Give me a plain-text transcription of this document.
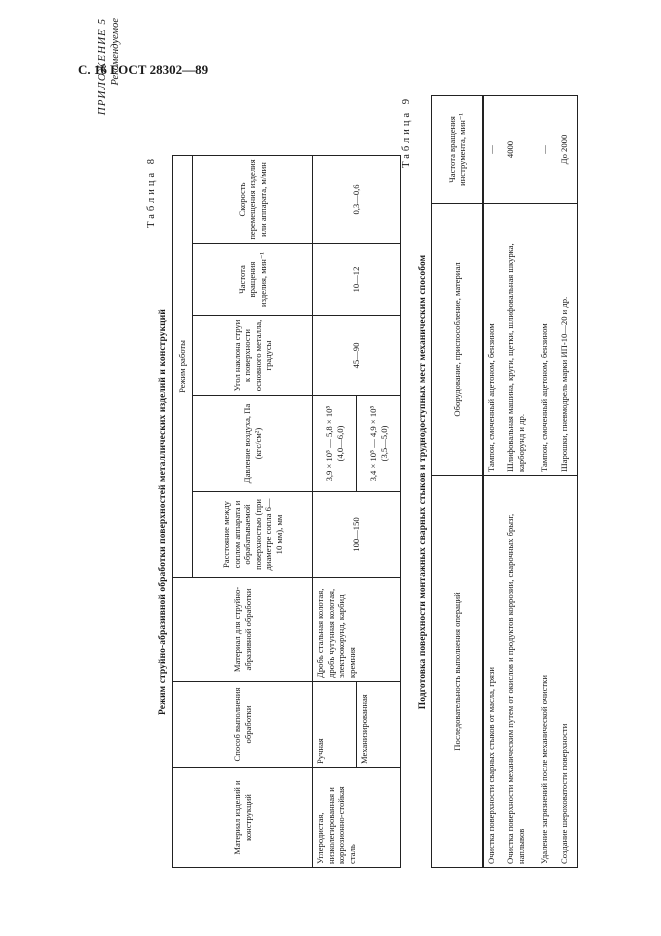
С. 16 ГОСТ 28302—89
ПРИЛОЖЕНИЕ 5 Рекомендуемое
Таблица 8
Режим струйно-абразивной обработки поверхностей металлических изделий и конструкций
Материал изделий и конструкций	Способ выполнения обработки	Материал для струйно-абразивной обработки	Режим работы				
			Расстояние между соплом аппарата и обрабатываемой поверхностью (при диаметре сопла 6—10 мм), мм	Давление воздуха, Па (кгс/см²)	Угол наклона струи к поверхности основного металла, градусы	Частота вращения изделия, мин⁻¹	Скорость перемещения изделия или аппарата, м/мин
Углеродистая, низколегированная и коррозионно-стойкая сталь	Ручная	Дробь стальная колотая, дробь чугунная колотая, электрокорунд, карбид кремния	100—150	3,9 × 10⁵ — 5,8 × 10⁵ (4,0—6,0)	45—90	10—12	0,3—0,6
	Механизированная			3,4 × 10⁵ — 4,9 × 10⁵ (3,5—5,0)			
Таблица 9
Подготовка поверхности монтажных сварных стыков и труднодоступных мест механическим способом	Последовательность выполнения операций	Оборудование, приспособление, материал	Частота вращения инструмента, мин⁻¹
Очистка поверхности сварных стыков от масла, грязи	Тампон, смоченный ацетоном, бензином	—
Очистка поверхности механическим путем от окислов и продуктов коррозии, сварочных брызг, наплывов	Шлифовальная машина, круги, щетки, шлифовальная шкурка, карборунд и др.	4000
Удаление загрязнений после механической очистки	Тампон, смоченный ацетоном, бензином	—
Создание шероховатости поверхности	Шарошки, пневмодрель марки ИП-10—20 и др.	До 2000
